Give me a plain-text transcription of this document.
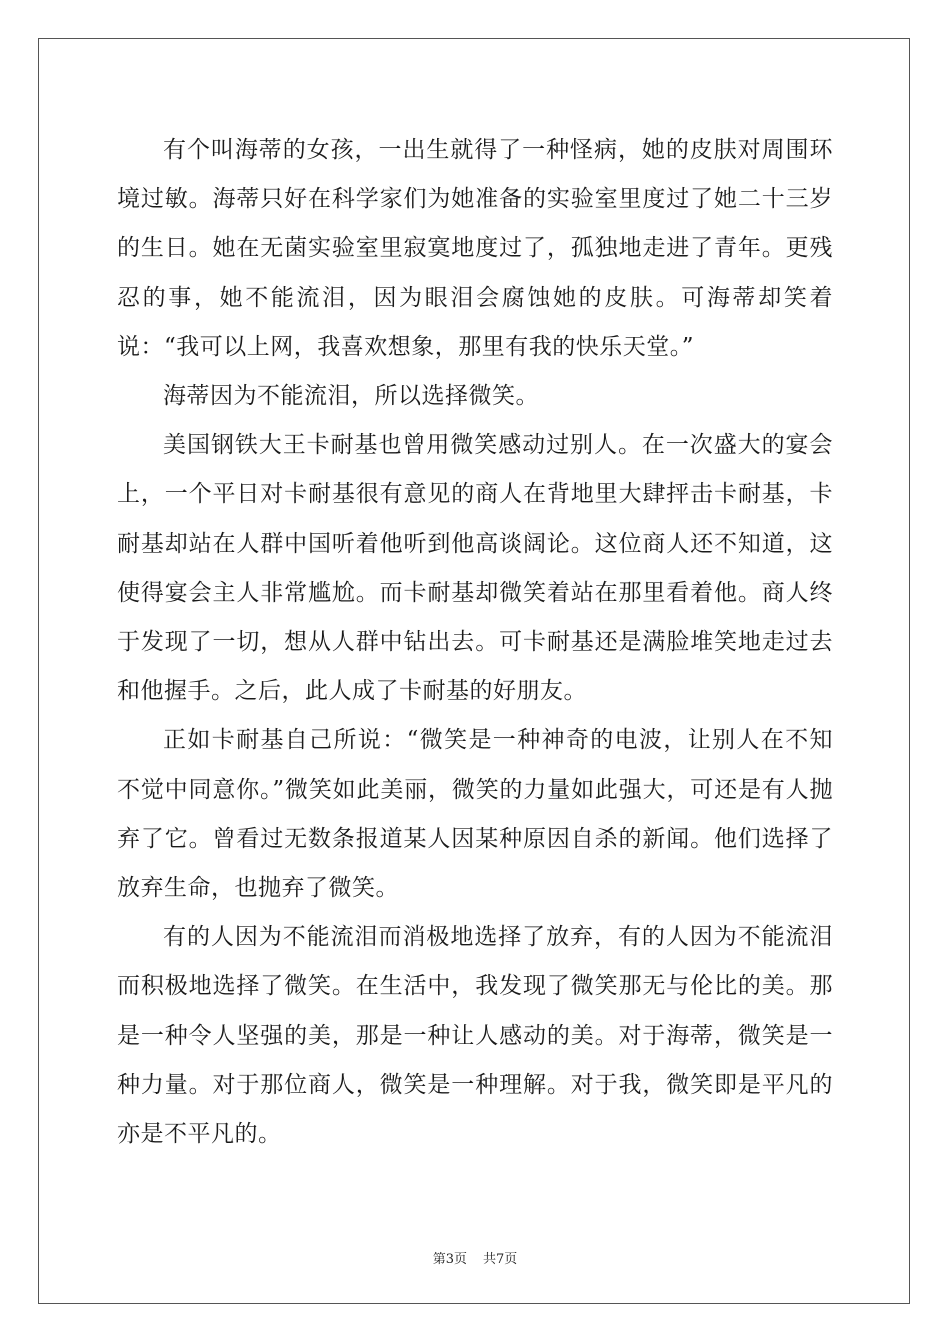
有个叫海蒂的女孩，一出生就得了一种怪病，她的皮肤对周围环境过敏。海蒂只好在科学家们为她准备的实验室里度过了她二十三岁的生日。她在无菌实验室里寂寞地度过了，孤独地走进了青年。更残忍的事，她不能流泪，因为眼泪会腐蚀她的皮肤。可海蒂却笑着说：“我可以上网，我喜欢想象，那里有我的快乐天堂。”

海蒂因为不能流泪，所以选择微笑。

美国钢铁大王卡耐基也曾用微笑感动过别人。在一次盛大的宴会上，一个平日对卡耐基很有意见的商人在背地里大肆抨击卡耐基，卡耐基却站在人群中国听着他听到他高谈阔论。这位商人还不知道，这使得宴会主人非常尴尬。而卡耐基却微笑着站在那里看着他。商人终于发现了一切，想从人群中钻出去。可卡耐基还是满脸堆笑地走过去和他握手。之后，此人成了卡耐基的好朋友。

正如卡耐基自己所说：“微笑是一种神奇的电波，让别人在不知不觉中同意你。”微笑如此美丽，微笑的力量如此强大，可还是有人抛弃了它。曾看过无数条报道某人因某种原因自杀的新闻。他们选择了放弃生命，也抛弃了微笑。

有的人因为不能流泪而消极地选择了放弃，有的人因为不能流泪而积极地选择了微笑。在生活中，我发现了微笑那无与伦比的美。那是一种令人坚强的美，那是一种让人感动的美。对于海蒂，微笑是一种力量。对于那位商人，微笑是一种理解。对于我，微笑即是平凡的亦是不平凡的。

第3页 共7页
